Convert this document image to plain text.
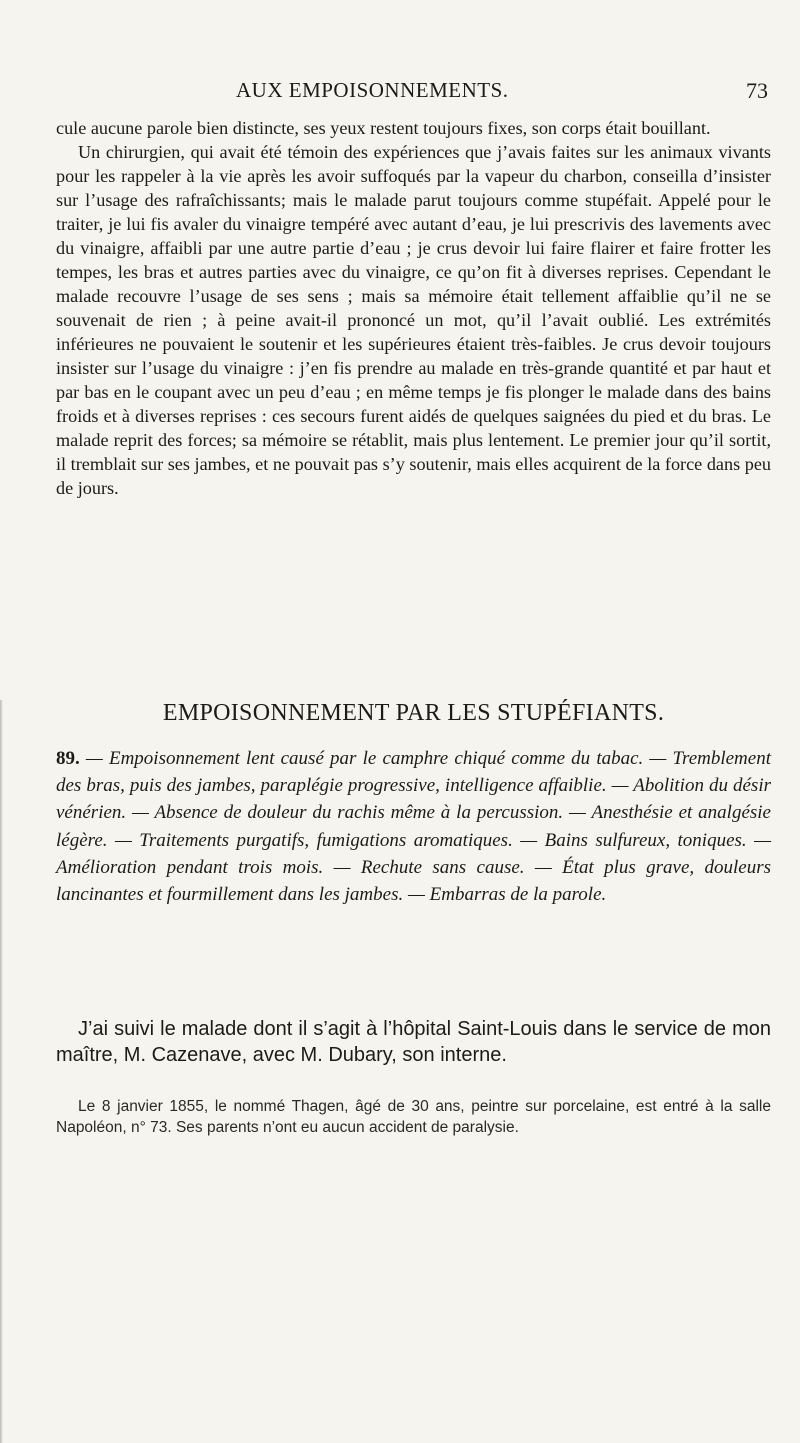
AUX EMPOISONNEMENTS.	73

cule aucune parole bien distincte, ses yeux restent toujours fixes, son corps était bouillant.

Un chirurgien, qui avait été témoin des expériences que j’avais faites sur les animaux vivants pour les rappeler à la vie après les avoir suffoqués par la vapeur du charbon, conseilla d’insister sur l’usage des rafraîchissants; mais le malade parut toujours comme stupéfait. Appelé pour le traiter, je lui fis avaler du vinaigre tempéré avec autant d’eau, je lui prescrivis des lavements avec du vinaigre, affaibli par une autre partie d’eau ; je crus devoir lui faire flairer et faire frotter les tempes, les bras et autres parties avec du vinaigre, ce qu’on fit à diverses reprises. Cependant le malade recouvre l’usage de ses sens ; mais sa mémoire était tellement affaiblie qu’il ne se souvenait de rien ; à peine avait-il prononcé un mot, qu’il l’avait oublié. Les extrémités inférieures ne pouvaient le soutenir et les supérieures étaient très-faibles. Je crus devoir toujours insister sur l’usage du vinaigre : j’en fis prendre au malade en très-grande quantité et par haut et par bas en le coupant avec un peu d’eau ; en même temps je fis plonger le malade dans des bains froids et à diverses reprises : ces secours furent aidés de quelques saignées du pied et du bras. Le malade reprit des forces; sa mémoire se rétablit, mais plus lentement. Le premier jour qu’il sortit, il tremblait sur ses jambes, et ne pouvait pas s’y soutenir, mais elles acquirent de la force dans peu de jours.

EMPOISONNEMENT PAR LES STUPÉFIANTS.
89. — Empoisonnement lent causé par le camphre chiqué comme du tabac. — Tremblement des bras, puis des jambes, paraplégie progressive, intelligence affaiblie. — Abolition du désir vénérien. — Absence de douleur du rachis même à la percussion. — Anesthésie et analgésie légère. — Traitements purgatifs, fumigations aromatiques. — Bains sulfureux, toniques. — Amélioration pendant trois mois. — Rechute sans cause. — État plus grave, douleurs lancinantes et fourmillement dans les jambes. — Embarras de la parole.
J’ai suivi le malade dont il s’agit à l’hôpital Saint-Louis dans le service de mon maître, M. Cazenave, avec M. Dubary, son interne.
Le 8 janvier 1855, le nommé Thagen, âgé de 30 ans, peintre sur porcelaine, est entré à la salle Napoléon, n° 73. Ses parents n’ont eu aucun accident de paralysie.
